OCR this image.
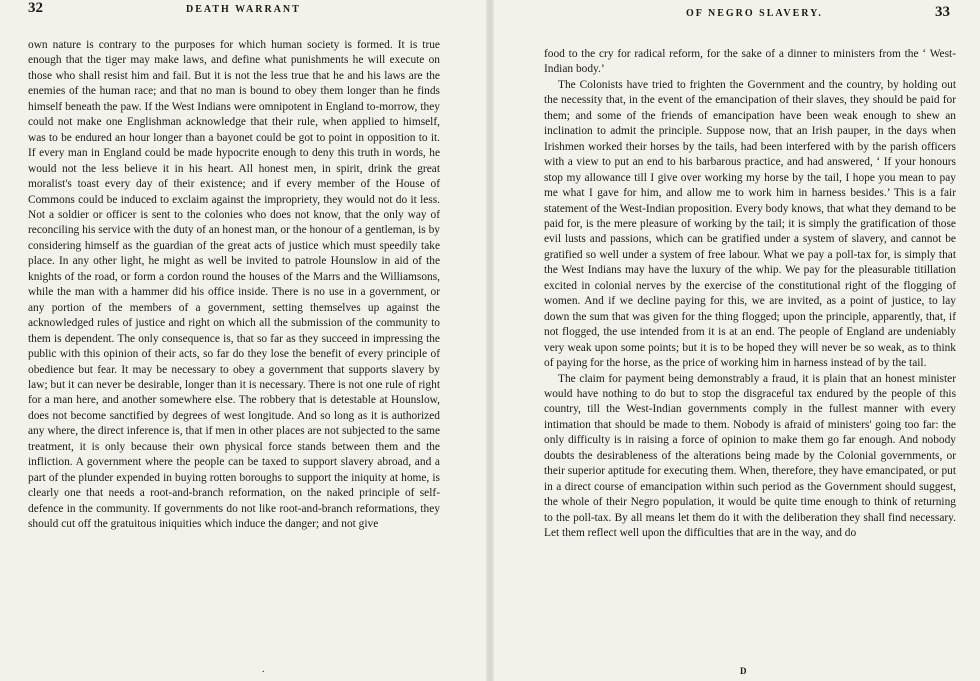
32	DEATH WARRANT

own nature is contrary to the purposes for which human society is formed. It is true enough that the tiger may make laws, and define what punishments he will execute on those who shall resist him and fail. But it is not the less true that he and his laws are the enemies of the human race; and that no man is bound to obey them longer than he finds himself beneath the paw. If the West Indians were omnipotent in England to-morrow, they could not make one Englishman acknowledge that their rule, when applied to himself, was to be endured an hour longer than a bayonet could be got to point in opposition to it. If every man in England could be made hypocrite enough to deny this truth in words, he would not the less believe it in his heart. All honest men, in spirit, drink the great moralist's toast every day of their existence; and if every member of the House of Commons could be induced to exclaim against the impropriety, they would not do it less. Not a soldier or officer is sent to the colonies who does not know, that the only way of reconciling his service with the duty of an honest man, or the honour of a gentleman, is by considering himself as the guardian of the great acts of justice which must speedily take place. In any other light, he might as well be invited to patrole Hounslow in aid of the knights of the road, or form a cordon round the houses of the Marrs and the Williamsons, while the man with a hammer did his office inside. There is no use in a government, or any portion of the members of a government, setting themselves up against the acknowledged rules of justice and right on which all the submission of the community to them is dependent. The only consequence is, that so far as they succeed in impressing the public with this opinion of their acts, so far do they lose the benefit of every principle of obedience but fear. It may be necessary to obey a government that supports slavery by law; but it can never be desirable, longer than it is necessary. There is not one rule of right for a man here, and another somewhere else. The robbery that is detestable at Hounslow, does not become sanctified by degrees of west longitude. And so long as it is authorized any where, the direct inference is, that if men in other places are not subjected to the same treatment, it is only because their own physical force stands between them and the infliction. A government where the people can be taxed to support slavery abroad, and a part of the plunder expended in buying rotten boroughs to support the iniquity at home, is clearly one that needs a root-and-branch reformation, on the naked principle of self-defence in the community. If governments do not like root-and-branch reformations, they should cut off the gratuitous iniquities which induce the danger; and not give

.
OF NEGRO SLAVERY.	33

food to the cry for radical reform, for the sake of a dinner to ministers from the ‘ West-Indian body.’

The Colonists have tried to frighten the Government and the country, by holding out the necessity that, in the event of the emancipation of their slaves, they should be paid for them; and some of the friends of emancipation have been weak enough to shew an inclination to admit the principle. Suppose now, that an Irish pauper, in the days when Irishmen worked their horses by the tails, had been interfered with by the parish officers with a view to put an end to his barbarous practice, and had answered, ‘ If your honours stop my allowance till I give over working my horse by the tail, I hope you mean to pay me what I gave for him, and allow me to work him in harness besides.’ This is a fair statement of the West-Indian proposition. Every body knows, that what they demand to be paid for, is the mere pleasure of working by the tail; it is simply the gratification of those evil lusts and passions, which can be gratified under a system of slavery, and cannot be gratified so well under a system of free labour. What we pay a poll-tax for, is simply that the West Indians may have the luxury of the whip. We pay for the pleasurable titillation excited in colonial nerves by the exercise of the constitutional right of the flogging of women. And if we decline paying for this, we are invited, as a point of justice, to lay down the sum that was given for the thing flogged; upon the principle, apparently, that, if not flogged, the use intended from it is at an end. The people of England are undeniably very weak upon some points; but it is to be hoped they will never be so weak, as to think of paying for the horse, as the price of working him in harness instead of by the tail.

The claim for payment being demonstrably a fraud, it is plain that an honest minister would have nothing to do but to stop the disgraceful tax endured by the people of this country, till the West-Indian governments comply in the fullest manner with every intimation that should be made to them. Nobody is afraid of ministers' going too far: the only difficulty is in raising a force of opinion to make them go far enough. And nobody doubts the desirableness of the alterations being made by the Colonial governments, or their superior aptitude for executing them. When, therefore, they have emancipated, or put in a direct course of emancipation within such period as the Government should suggest, the whole of their Negro population, it would be quite time enough to think of returning to the poll-tax. By all means let them do it with the deliberation they shall find necessary. Let them reflect well upon the difficulties that are in the way, and do

D
